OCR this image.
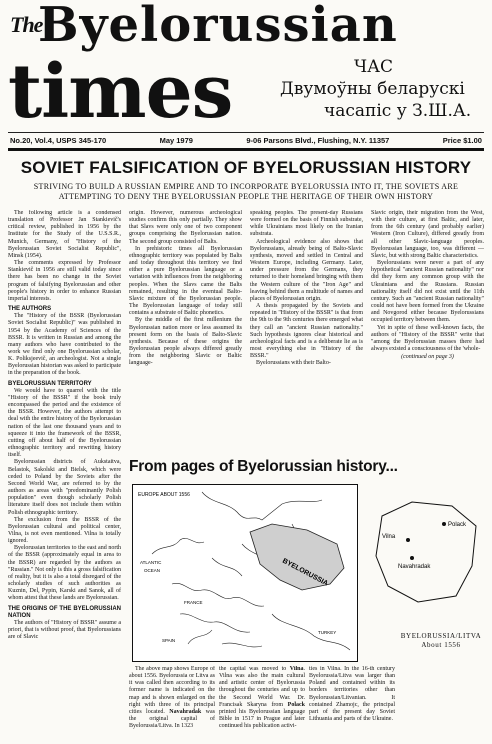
The
Byelorussian
times	ЧАС
Двумоўны беларускі
часапіс у З.Ш.А.
No.20, Vol.4, USPS 345-170	May 1979	9-06 Parsons Blvd., Flushing, N.Y. 11357	Price $1.00
SOVIET FALSIFICATION OF BYELORUSSIAN HISTORY
STRIVING TO BUILD A RUSSIAN EMPIRE AND TO INCORPORATE BYELORUSSIA INTO IT, THE SOVIETS ARE ATTEMPTING TO DENY THE BYELORUSSIAN PEOPLE THE HERITAGE OF THEIR OWN HISTORY

The following article is a condensed translation of Professor Jan Stankievič's critical review, published in 1956 by the Institute for the Study of the U.S.S.R., Munich, Germany, of "History of the Byelorussian Soviet Socialist Republic", Minsk (1954).

The comments expressed by Professor Stankievič in 1956 are still valid today since there has been no change in the Soviet program of falsifying Byelorussian and other people's history in order to enhance Russian imperial interests.

THE AUTHORS

The "History of the BSSR (Byelorussian Soviet Socialist Republic)" was published in 1954 by the Academy of Sciences of the BSSR. It is written in Russian and among the many authors who have contributed to the work we find only one Byelorussian scholar, K. Poliksjeevič, an archeologist. Not a single Byelorussian historian was asked to participate in the preparation of the book.

BYELORUSSIAN TERRITORY

We would have to quarrel with the title "History of the BSSR" if the book truly encompassed the period and the existence of the BSSR. However, the authors attempt to deal with the entire history of the Byelorussian nation of the last one thousand years and to squeeze it into the framework of the BSSR, cutting off about half of the Byelorussian ethnographic territory and rewriting history itself.

Byelorussian districts of Aukstaitva, Belastok, Sakolski and Bielsk, which were ceded to Poland by the Soviets after the Second World War, are referred to by the authors as areas with "predominantly Polish population" even though scholarly Polish literature itself does not include them within Polish ethnographic territory.

The exclusion from the BSSR of the Byelorussian cultural and political center, Vilna, is not even mentioned. Vilna is totally ignored.

Byelorussian territories to the east and north of the BSSR (approximately equal in area to the BSSR) are regarded by the authors as "Russian." Not only is this a gross falsification of reality, but it is also a total disregard of the scholarly studies of such authorities as Kuznin, Del, Pypin, Karski and Sanok, all of whom attest that these lands are Byelorussian.

THE ORIGINS OF THE BYELORUSSIAN NATION

The authors of "History of BSSR" assume a priori, that is without proof, that Byelorussians are of Slavic

origin. However, numerous archeological studies confirm this only partially. They show that Slavs were only one of two component groups comprising the Byelorussian nation. The second group consisted of Balts.

In prehistoric times all Byelorussian ethnographic territory was populated by Balts and today throughout this territory we find either a pure Byelorussian language or a variation with influences from the neighboring peoples. When the Slavs came the Balts remained, resulting in the eventual Balto-Slavic mixture of the Byelorussian people. The Byelorussian language of today still contains a substrate of Baltic phonetics.

By the middle of the first millenium the Byelorussian nation more or less assumed its present form on the basis of Balto-Slavic synthesis. Because of these origins the Byelorussian people always differed greatly from the neighboring Slavic or Baltic language-

speaking peoples. The present-day Russians were formed on the basis of Finnish substrate, while Ukrainians most likely on the Iranian substrata.

Archeological evidence also shows that Byelorussians, already being of Balto-Slavic synthesis, moved and settled in Central and Western Europe, including Germany. Later, under pressure from the Germans, they returned to their homeland bringing with them the Western culture of the "Iron Age" and leaving behind them a multitude of names and places of Byelorussian origin.

A thesis propagated by the Soviets and repeated in "History of the BSSR" is that from the 9th to the 9th centuries there emerged what they call an "ancient Russian nationality." Such hypothesis ignores clear historical and archeological facts and is a deliberate lie as is most everything else in "History of the BSSR."

Byelorussians with their Balto-

Slavic origin, their migration from the West, with their culture, at first Baltic, and later, from the 6th century (and probably earlier) Western (Iron Culture), differed greatly from all other Slavic-language peoples. Byelorussian language, too, was different — Slavic, but with strong Baltic characteristics.

Byelorussians were never a part of any hypothetical "ancient Russian nationality" nor did they form any common group with the Ukrainians and the Russians. Russian nationality itself did not exist until the 11th century. Such an "ancient Russian nationality" could not have been formed from the Ukraine and Novgorod either because Byelorussians occupied territory between them.

Yet in spite of these well-known facts, the authors of "History of the BSSR" write that "among the Byelorussian masses there had always existed a consciousness of the 'whole-

(continued on page 3)

From pages of Byelorussian history...
EUROPE ABOUT 1556
BYELORUSSIA
ATLANTIC
OCEAN
FRANCE
SPAIN
TURKEY
Polack
Vilna
Navahradak
BYELORUSSIA/LITVA
About 1556

The above map shows Europe of about 1556. Byelorussia or Litva as it was called then according to its former name is indicated on the map and is shown enlarged on the right with three of its principal cities located. Navahradak was the original capital of Byelorussia/Litva. In 1323

the capital was moved to Vilna. Vilna was also the main cultural and artistic center of Byelorussia throughout the centuries and up to the Second World War. Dr. Francisak Skaryna from Polack printed his Byelorussian language Bible in 1517 in Prague and later continued his publication activi-

ties in Vilna. In the 16-th century Byelorussia/Litva was larger than Poland and contained within its borders territories other than Byelorussian/Litvanian. It contained Zhamojc, the principal part of the present day Soviet Lithuania and parts of the Ukraine.
